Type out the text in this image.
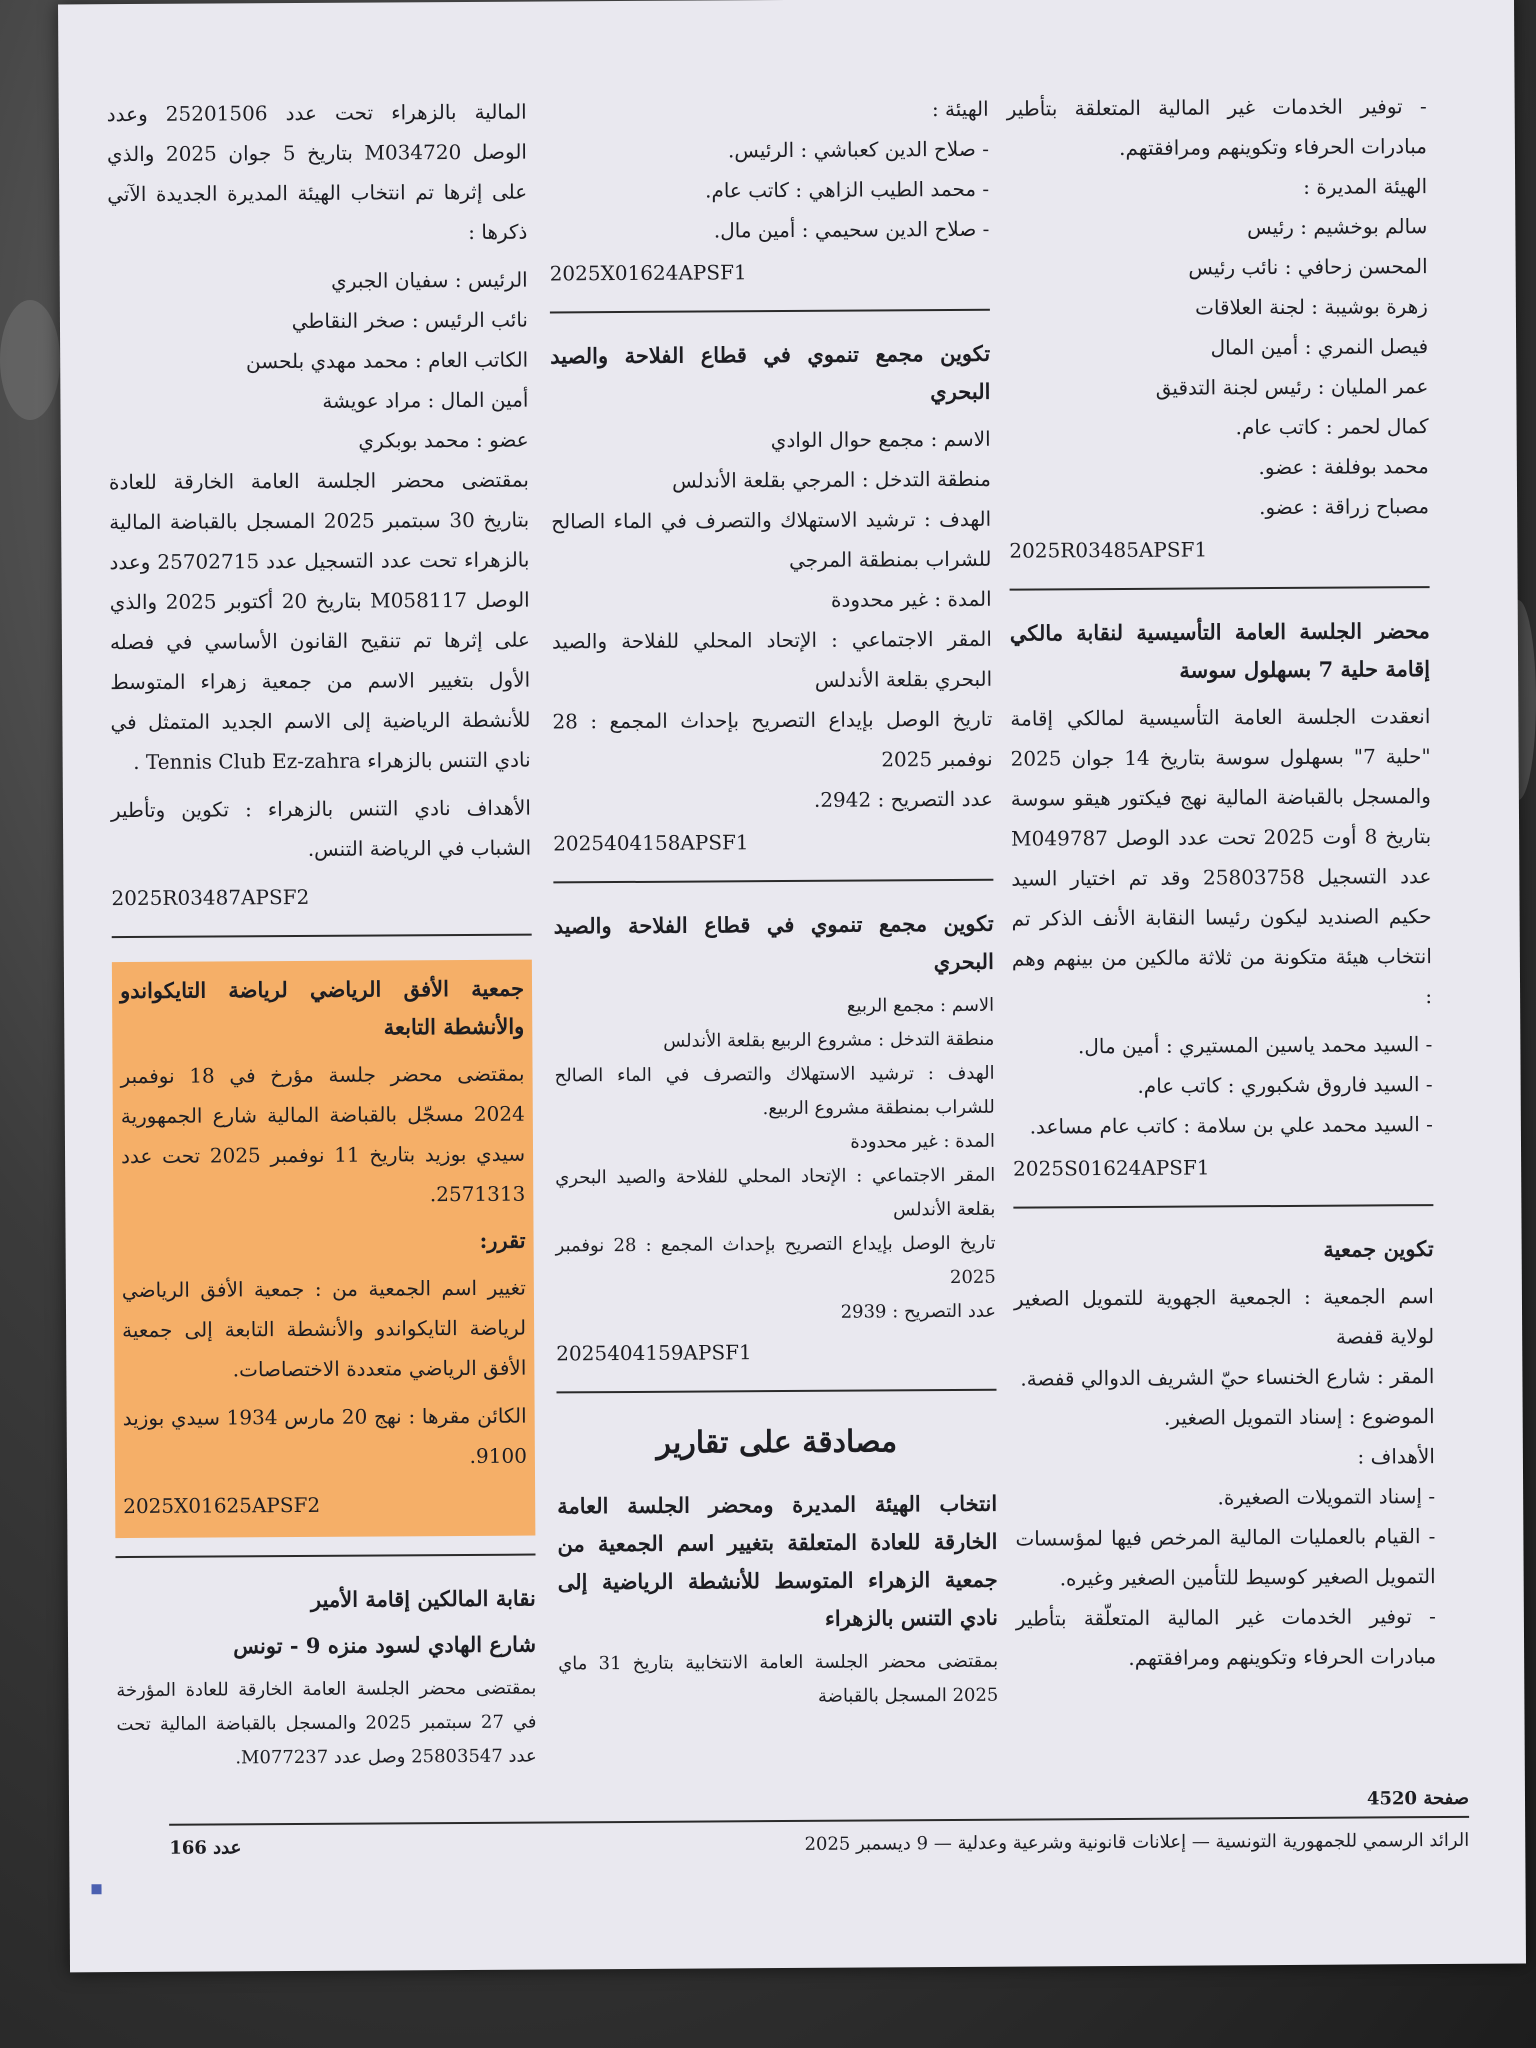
- توفير الخدمات غير المالية المتعلقة بتأطير مبادرات الحرفاء وتكوينهم ومرافقتهم.
الهيئة المديرة :
سالم بوخشيم : رئيس
المحسن زحافي : نائب رئيس
زهرة بوشيبة : لجنة العلاقات
فيصل النمري : أمين المال
عمر المليان : رئيس لجنة التدقيق
كمال لحمر : كاتب عام.
محمد بوفلفة : عضو.
مصباح زراقة : عضو.
2025R03485APSF1
محضر الجلسة العامة التأسيسية لنقابة مالكي إقامة حلية 7 بسهلول سوسة

انعقدت الجلسة العامة التأسيسية لمالكي إقامة "حلية 7" بسهلول سوسة بتاريخ 14 جوان 2025 والمسجل بالقباضة المالية نهج فيكتور هيقو سوسة بتاريخ 8 أوت 2025 تحت عدد الوصل M049787 عدد التسجيل 25803758 وقد تم اختيار السيد حكيم الصنديد ليكون رئيسا النقابة الأنف الذكر تم انتخاب هيئة متكونة من ثلاثة مالكين من بينهم وهم :

- السيد محمد ياسين المستيري : أمين مال.
- السيد فاروق شكبوري : كاتب عام.
- السيد محمد علي بن سلامة : كاتب عام مساعد.
2025S01624APSF1
تكوين جمعية
اسم الجمعية : الجمعية الجهوية للتمويل الصغير لولاية قفصة
المقر : شارع الخنساء حيّ الشريف الدوالي قفصة.
الموضوع : إسناد التمويل الصغير.
الأهداف :
- إسناد التمويلات الصغيرة.
- القيام بالعمليات المالية المرخص فيها لمؤسسات التمويل الصغير كوسيط للتأمين الصغير وغيره.
- توفير الخدمات غير المالية المتعلّقة بتأطير مبادرات الحرفاء وتكوينهم ومرافقتهم.
الهيئة :
- صلاح الدين كعباشي : الرئيس.
- محمد الطيب الزاهي : كاتب عام.
- صلاح الدين سحيمي : أمين مال.
2025X01624APSF1
تكوين مجمع تنموي في قطاع الفلاحة والصيد البحري
الاسم : مجمع حوال الوادي
منطقة التدخل : المرجي بقلعة الأندلس
الهدف : ترشيد الاستهلاك والتصرف في الماء الصالح للشراب بمنطقة المرجي
المدة : غير محدودة
المقر الاجتماعي : الإتحاد المحلي للفلاحة والصيد البحري بقلعة الأندلس
تاريخ الوصل بإيداع التصريح بإحداث المجمع : 28 نوفمبر 2025
عدد التصريح : 2942.
2025404158APSF1
تكوين مجمع تنموي في قطاع الفلاحة والصيد البحري
الاسم : مجمع الربيع
منطقة التدخل : مشروع الربيع بقلعة الأندلس
الهدف : ترشيد الاستهلاك والتصرف في الماء الصالح للشراب بمنطقة مشروع الربيع.
المدة : غير محدودة
المقر الاجتماعي : الإتحاد المحلي للفلاحة والصيد البحري بقلعة الأندلس
تاريخ الوصل بإيداع التصريح بإحداث المجمع : 28 نوفمبر 2025
عدد التصريح : 2939
2025404159APSF1
مصادقة على تقارير
انتخاب الهيئة المديرة ومحضر الجلسة العامة الخارقة للعادة المتعلقة بتغيير اسم الجمعية من جمعية الزهراء المتوسط للأنشطة الرياضية إلى نادي التنس بالزهراء

بمقتضى محضر الجلسة العامة الانتخابية بتاريخ 31 ماي 2025 المسجل بالقباضة

المالية بالزهراء تحت عدد 25201506 وعدد الوصل M034720 بتاريخ 5 جوان 2025 والذي على إثرها تم انتخاب الهيئة المديرة الجديدة الآتي ذكرها :

الرئيس : سفيان الجبري
نائب الرئيس : صخر النقاطي
الكاتب العام : محمد مهدي بلحسن
أمين المال : مراد عويشة
عضو : محمد بوبكري

بمقتضى محضر الجلسة العامة الخارقة للعادة بتاريخ 30 سبتمبر 2025 المسجل بالقباضة المالية بالزهراء تحت عدد التسجيل عدد 25702715 وعدد الوصل M058117 بتاريخ 20 أكتوبر 2025 والذي على إثرها تم تنقيح القانون الأساسي في فصله الأول بتغيير الاسم من جمعية زهراء المتوسط للأنشطة الرياضية إلى الاسم الجديد المتمثل في نادي التنس بالزهراء Tennis Club Ez-zahra .

الأهداف نادي التنس بالزهراء : تكوين وتأطير الشباب في الرياضة التنس.

2025R03487APSF2
جمعية الأفق الرياضي لرياضة التايكواندو والأنشطة التابعة

بمقتضى محضر جلسة مؤرخ في 18 نوفمبر 2024 مسجّل بالقباضة المالية شارع الجمهورية سيدي بوزيد بتاريخ 11 نوفمبر 2025 تحت عدد 2571313.

تقرر:

تغيير اسم الجمعية من : جمعية الأفق الرياضي لرياضة التايكواندو والأنشطة التابعة إلى جمعية الأفق الرياضي متعددة الاختصاصات.

الكائن مقرها : نهج 20 مارس 1934 سيدي بوزيد 9100.

2025X01625APSF2
نقابة المالكين إقامة الأمير
شارع الهادي لسود منزه 9 - تونس

بمقتضى محضر الجلسة العامة الخارقة للعادة المؤرخة في 27 سبتمبر 2025 والمسجل بالقباضة المالية تحت عدد 25803547 وصل عدد M077237.

صفحة 4520
الرائد الرسمي للجمهورية التونسية — إعلانات قانونية وشرعية وعدلية — 9 ديسمبر 2025
عدد 166
